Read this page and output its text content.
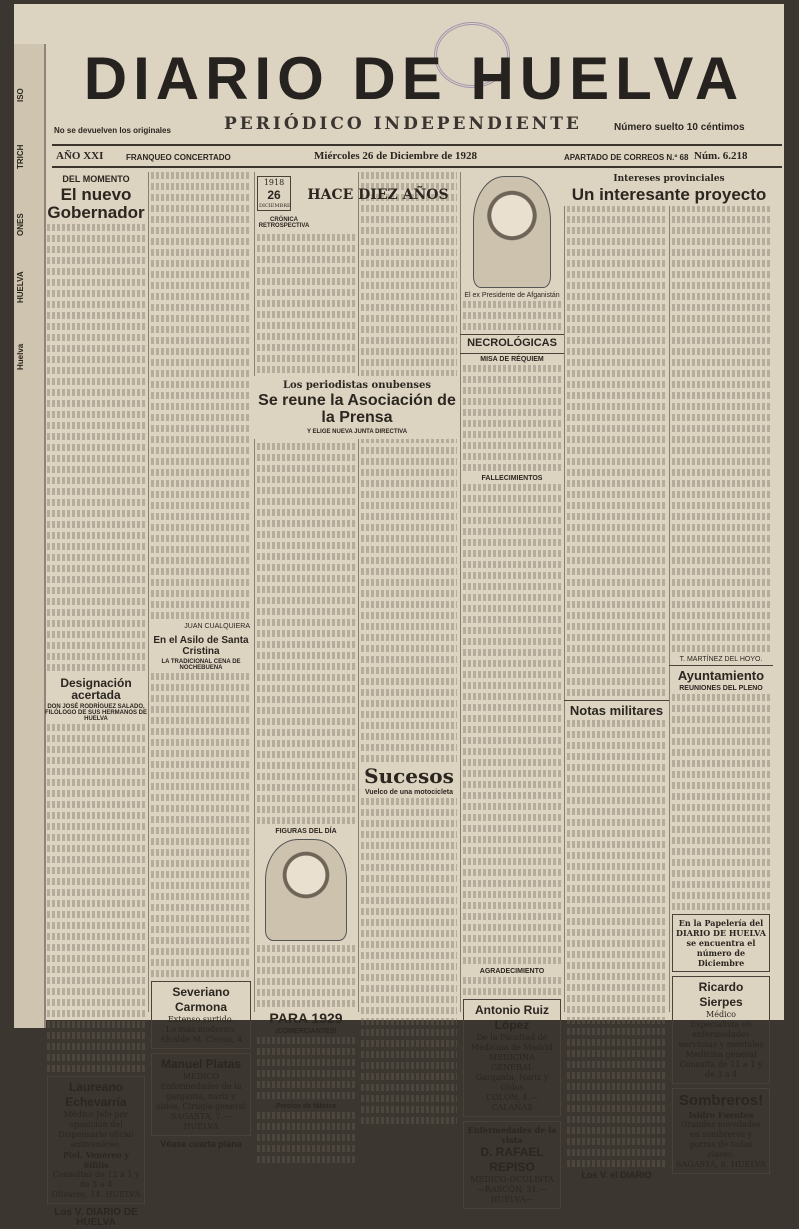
ISO
TRICH
ONES
HUELVA
Huelva
DIARIO DE HUELVA
No se devuelven los originales	PERIÓDICO INDEPENDIENTE	Número suelto 10 céntimos
AÑO XXI	FRANQUEO CONCERTADO	Miércoles 26 de Diciembre de 1928	APARTADO DE CORREOS N.º 68 Núm. 6.218
DEL MOMENTO
El nuevo Gobernador
Designación acertada
DON JOSÉ RODRÍGUEZ SALADO, FILÓLOGO DE SUS HERMANOS DE HUELVA
Laureano Echevarría
Médico Jefe por oposición del Dispensario oficial antivenéreo.
Piel, Venéreo y Sífilis
Consultas de 12 a 1 y de 3 a 4
Olivares, 14. HUELVA
Los V. DIARIO DE HUELVA
JUAN CUALQUIERA
En el Asilo de Santa Cristina
LA TRADICIONAL CENA DE NOCHEBUENA
Severiano Carmona
Extenso surtido.
Lo más moderno.
Alcalde M. Cleros, 4
Manuel Platas
MÉDICO
Enfermedades de la garganta, nariz y oídos. Cirugía general
SAGASTA, 7.—HUELVA
Véase cuarta plana
1918
26
DICIEMBRE

CRÓNICA RETROSPECTIVA
FIGURAS DEL DÍA
PARA 1929
¡COMERCIANTES!
Precios de fábrica
Sucesos
Vuelco de una motocicleta
HACE DIEZ AÑOS
Los periodistas onubenses
Se reune la Asociación de la Prensa
Y ELIGE NUEVA JUNTA DIRECTIVA
El ex Presidente de Afganistán
NECROLÓGICAS
MISA DE RÉQUIEM
FALLECIMIENTOS
AGRADECIMIENTO
Antonio Ruiz López
De la Facultad de Medicina de Madrid
MEDICINA GENERAL
Garganta, Nariz y Oídos
COLÓN, 4.—CALAÑAS
Enfermedades de la vista
D. RAFAEL REPISO
MÉDICO-OCULISTA
—RASCÓN, 31.—HUELVA—
Notas militares
Los V. el DIARIO
T. MARTÍNEZ DEL HOYO.
Ayuntamiento
REUNIONES DEL PLENO
En la Papelería del DIARIO DE HUELVA se encuentra el número de Diciembre
Ricardo Sierpes
Médico
Especialista en enfermedades nerviosas y mentales
Medicina general
Consulta de 11 a 1 y de 3 a 4
Sombreros!
Isidro Fuentes
Grandes novedades en sombreros y gorras de todas clases.
SAGASTA, 6. HUELVA
Intereses provinciales
Un interesante proyecto
